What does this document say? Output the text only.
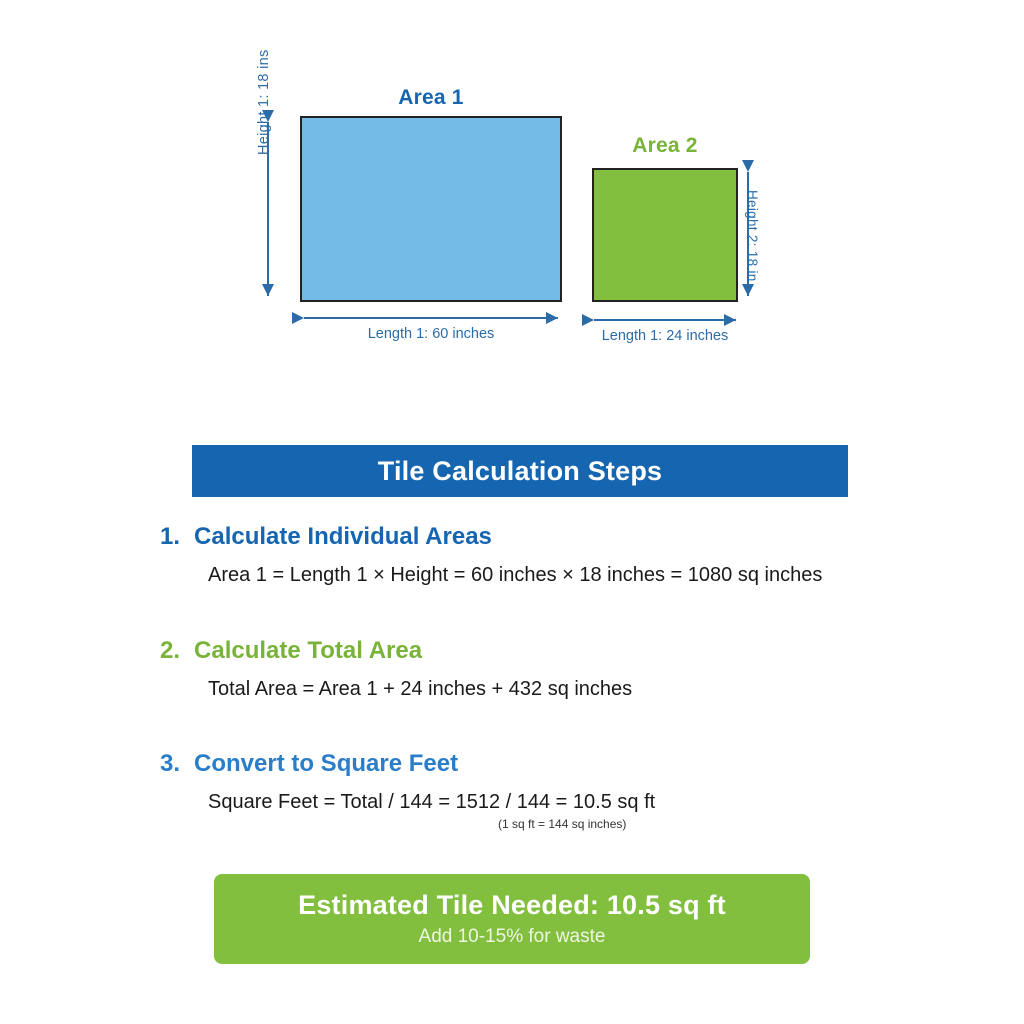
Area 1
Height 1: 18 ins
Length 1: 60 inches
Area 2
Height 2: 18 in
Length 1: 24 inches
Tile Calculation Steps
1. Calculate Individual Areas
Area 1 = Length 1 × Height = 60 inches × 18 inches = 1080 sq inches
2. Calculate Total Area
Total Area = Area 1 + 24 inches + 432 sq inches
3. Convert to Square Feet
Square Feet = Total / 144 = 1512 / 144 = 10.5 sq ft
(1 sq ft = 144 sq inches)
Estimated Tile Needed: 10.5 sq ft
Add 10-15% for waste
